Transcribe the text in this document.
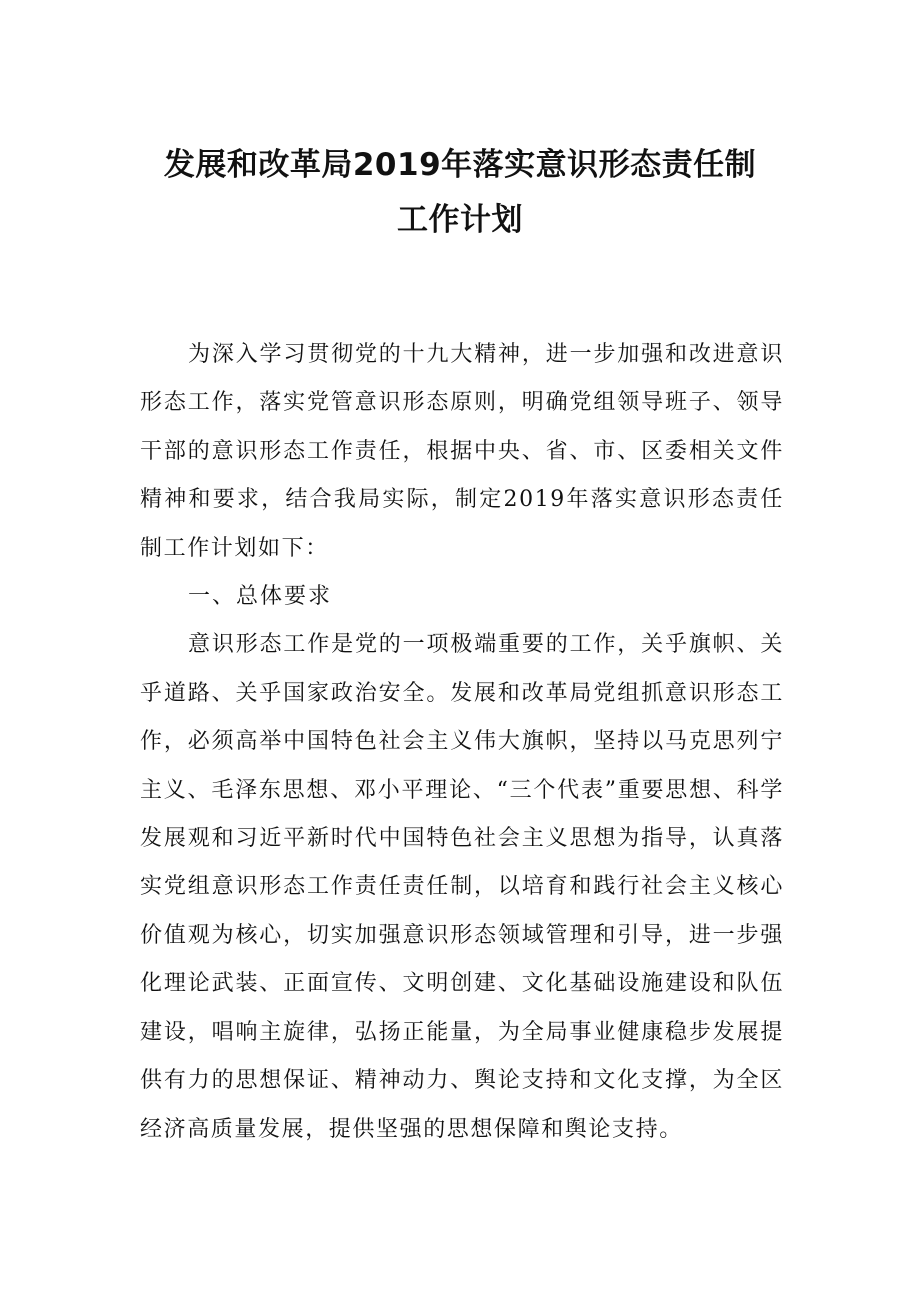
发展和改革局2019年落实意识形态责任制
工作计划

为深入学习贯彻党的十九大精神，进一步加强和改进意识形态工作，落实党管意识形态原则，明确党组领导班子、领导干部的意识形态工作责任，根据中央、省、市、区委相关文件精神和要求，结合我局实际，制定2019年落实意识形态责任制工作计划如下：

一、总体要求

意识形态工作是党的一项极端重要的工作，关乎旗帜、关乎道路、关乎国家政治安全。发展和改革局党组抓意识形态工作，必须高举中国特色社会主义伟大旗帜，坚持以马克思列宁主义、毛泽东思想、邓小平理论、“三个代表”重要思想、科学发展观和习近平新时代中国特色社会主义思想为指导，认真落实党组意识形态工作责任责任制，以培育和践行社会主义核心价值观为核心，切实加强意识形态领域管理和引导，进一步强化理论武装、正面宣传、文明创建、文化基础设施建设和队伍建设，唱响主旋律，弘扬正能量，为全局事业健康稳步发展提供有力的思想保证、精神动力、舆论支持和文化支撑，为全区经济高质量发展，提供坚强的思想保障和舆论支持。
